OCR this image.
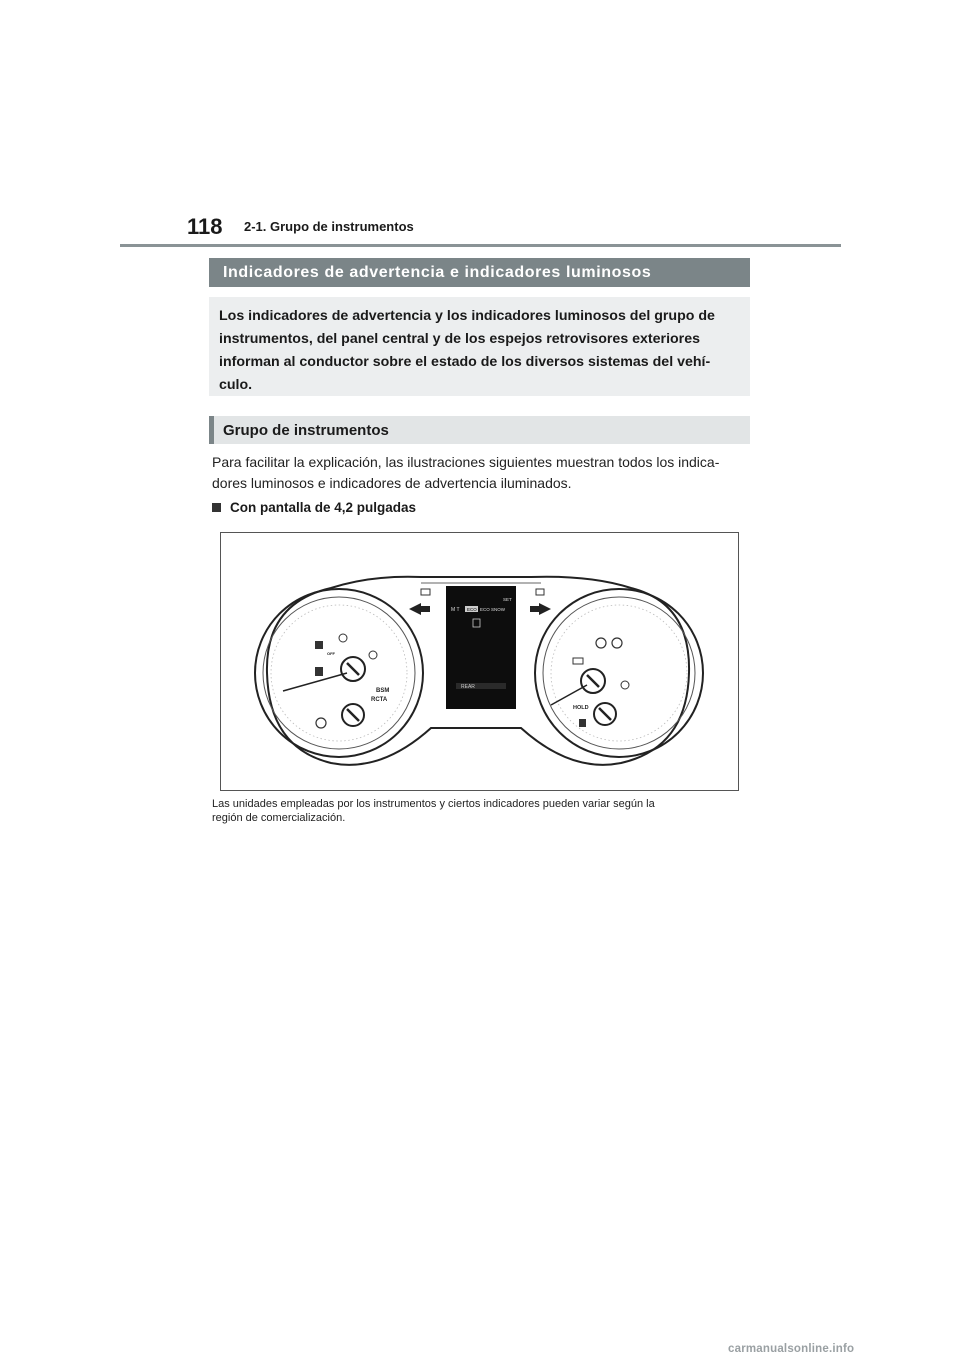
118 2-1. Grupo de instrumentos
Indicadores de advertencia e indicadores luminosos

Los indicadores de advertencia y los indicadores luminosos del grupo de

instrumentos, del panel central y de los espejos retrovisores exteriores

informan al conductor sobre el estado de los diversos sistemas del vehí-

culo.

Grupo de instrumentos

Para facilitar la explicación, las ilustraciones siguientes muestran todos los indica-
dores luminosos e indicadores de advertencia iluminados.

Con pantalla de 4,2 pulgadas
BSM
RCTA
OFF
M T ECO ECO SNOW
SET
REAR
HOLD

Las unidades empleadas por los instrumentos y ciertos indicadores pueden variar según la
región de comercialización.

carmanualsonline.info
